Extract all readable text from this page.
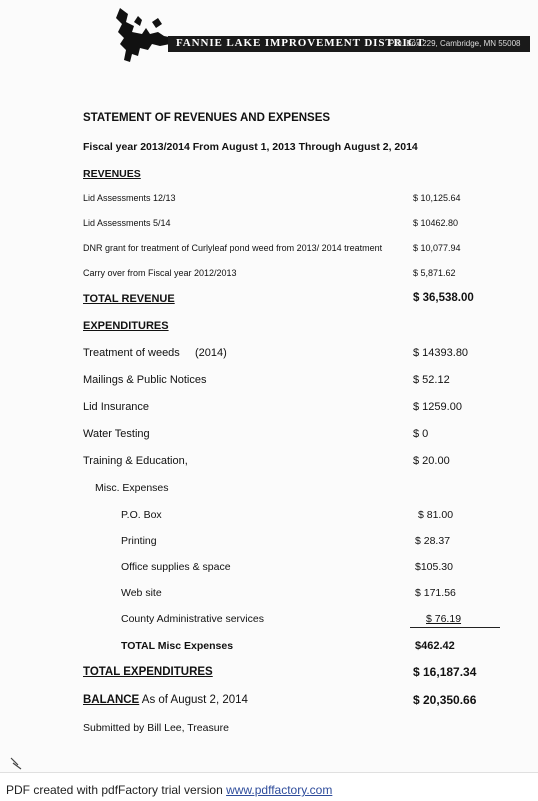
FANNIE LAKE IMPROVEMENT DISTRICT
P.O. Box 229, Cambridge, MN 55008
STATEMENT OF REVENUES AND EXPENSES
Fiscal year 2013/2014 From August 1, 2013 Through August 2, 2014
REVENUES
Lid Assessments 12/13	$ 10,125.64
Lid Assessments 5/14	$ 10462.80
DNR grant for treatment of Curlyleaf pond weed from 2013/ 2014 treatment	$ 10,077.94
Carry over from Fiscal year 2012/2013	$ 5,871.62
TOTAL REVENUE	$ 36,538.00
EXPENDITURES
Treatment of weeds (2014)	$ 14393.80
Mailings & Public Notices	$ 52.12
Lid Insurance	$ 1259.00
Water Testing	$ 0
Training & Education,	$ 20.00
Misc. Expenses
P.O. Box	$ 81.00
Printing	$ 28.37
Office supplies & space	$105.30
Web site	$ 171.56
County Administrative services	$ 76.19
TOTAL Misc Expenses	$462.42
TOTAL EXPENDITURES	$ 16,187.34
BALANCE As of August 2, 2014	$ 20,350.66
Submitted by Bill Lee, Treasure
PDF created with pdfFactory trial version www.pdffactory.com
